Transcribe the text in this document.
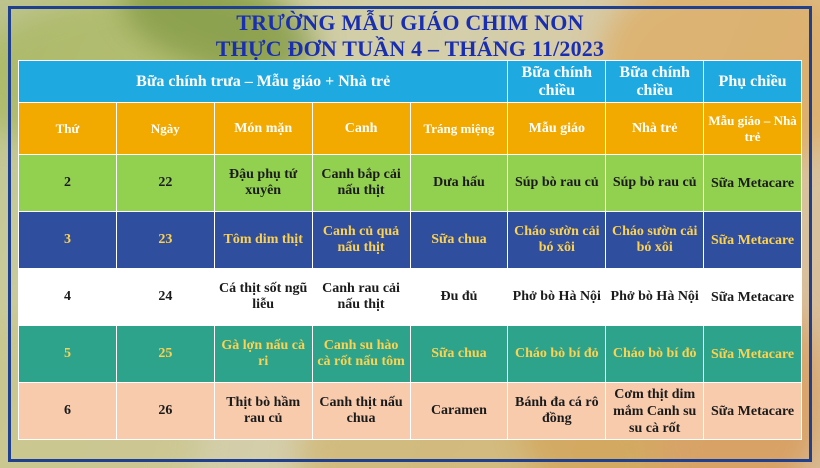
TRƯỜNG MẪU GIÁO CHIM NON
THỰC ĐƠN TUẦN 4 – THÁNG 11/2023
Bữa chính trưa – Mẫu giáo + Nhà trẻ					Bữa chính chiều	Bữa chính chiều	Phụ chiều
Thứ	Ngày	Món mặn	Canh	Tráng miệng	Mẫu giáo	Nhà trẻ	Mẫu giáo – Nhà trẻ
2	22	Đậu phụ tứ xuyên	Canh bắp cải nấu thịt	Dưa hấu	Súp bò rau củ	Súp bò rau củ	Sữa Metacare
3	23	Tôm dim thịt	Canh củ quả nấu thịt	Sữa chua	Cháo sườn cải bó xôi	Cháo sườn cải bó xôi	Sữa Metacare
4	24	Cá thịt sốt ngũ liễu	Canh rau cải nấu thịt	Đu đủ	Phở bò Hà Nội	Phở bò Hà Nội	Sữa Metacare
5	25	Gà lợn nấu cà ri	Canh su hào cà rốt nấu tôm	Sữa chua	Cháo bò bí đỏ	Cháo bò bí đỏ	Sữa Metacare
6	26	Thịt bò hầm rau củ	Canh thịt nấu chua	Caramen	Bánh đa cá rô đồng	Cơm thịt dim mắm Canh su su cà rốt	Sữa Metacare
